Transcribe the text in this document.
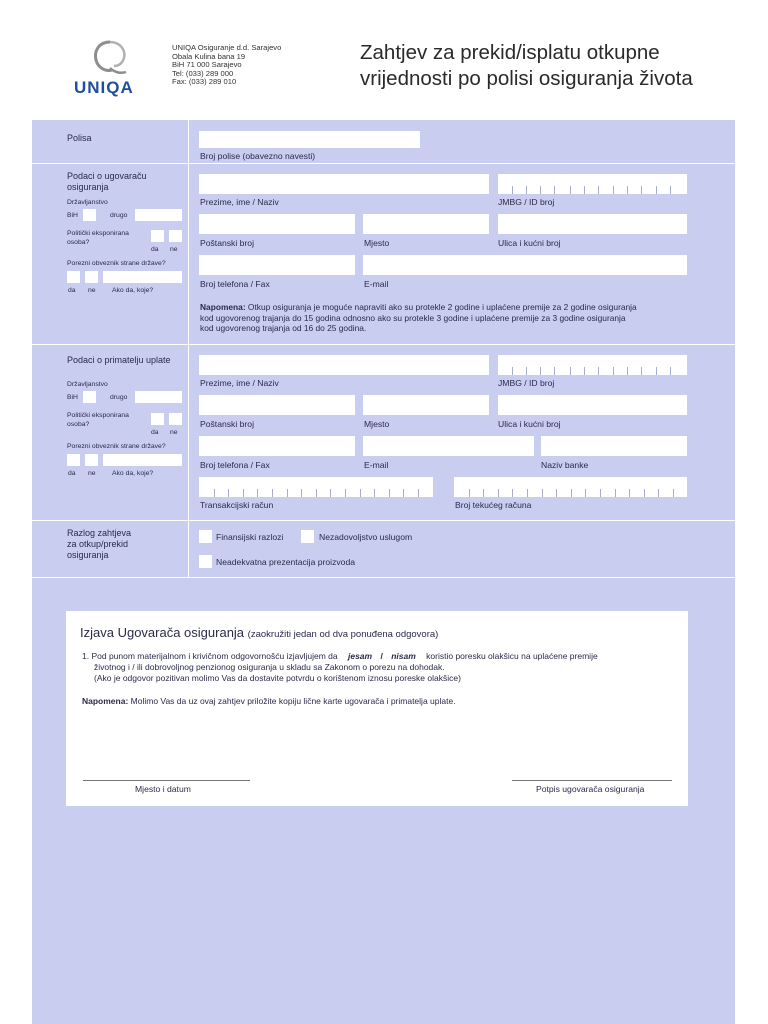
UNIQA
UNIQA Osiguranje d.d. Sarajevo
Obala Kulina bana 19
BiH 71 000 Sarajevo
Tel: (033) 289 000
Fax: (033) 289 010
Zahtjev za prekid/isplatu otkupne
vrijednosti po polisi osiguranja života
Polisa
Broj polise (obavezno navesti)
Podaci o ugovaraču
osiguranja
Državljanstvo
BiH	drugo
Politički eksponirana
osoba?
da ne
Porezni obveznik strane države?
da ne Ako da, koje?
Prezime, ime / Naziv	JMBG / ID broj
Poštanski broj	Mjesto	Ulica i kućni broj
Broj telefona / Fax	E-mail
Napomena: Otkup osiguranja je moguće napraviti ako su protekle 2 godine i uplaćene premije za 2 godine osiguranja
kod ugovorenog trajanja do 15 godina odnosno ako su protekle 3 godine i uplaćene premije za 3 godine osiguranja
kod ugovorenog trajanja od 16 do 25 godina.
Podaci o primatelju uplate
Državljanstvo
BiH	drugo
Politički eksponirana
osoba?
da ne
Porezni obveznik strane države?
da ne Ako da, koje?
Prezime, ime / Naziv	JMBG / ID broj
Poštanski broj	Mjesto	Ulica i kućni broj
Broj telefona / Fax	E-mail	Naziv banke
Transakcijski račun	Broj tekućeg računa
Razlog zahtjeva
za otkup/prekid
osiguranja
Finansijski razlozi	Nezadovoljstvo uslugom
Neadekvatna prezentacija proizvoda
Izjava Ugovarača osiguranja (zaokružiti jedan od dva ponuđena odgovora)
1. Pod punom materijalnom i krivičnom odgovornošću izjavljujem da jesam / nisam koristio poresku olakšicu na uplaćene premije
životnog i / ili dobrovoljnog penzionog osiguranja u skladu sa Zakonom o porezu na dohodak.
(Ako je odgovor pozitivan molimo Vas da dostavite potvrdu o korištenom iznosu poreske olakšice)
Napomena: Molimo Vas da uz ovaj zahtjev priložite kopiju lične karte ugovarača i primatelja uplate.
Mjesto i datum	Potpis ugovarača osiguranja
